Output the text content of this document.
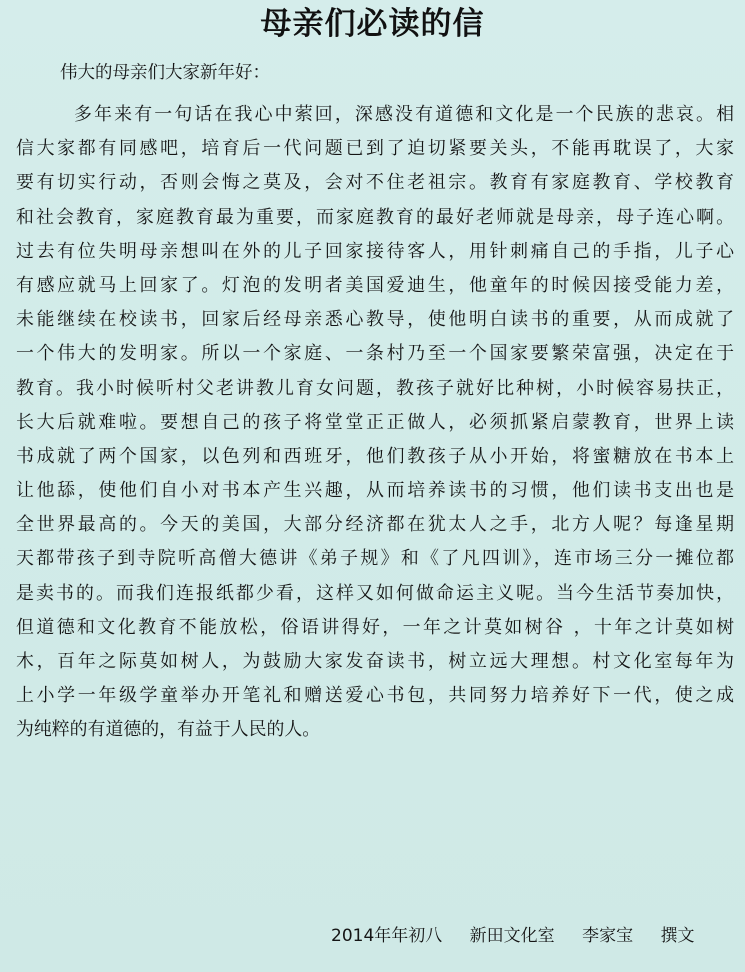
母亲们必读的信
伟大的母亲们大家新年好：
多年来有一句话在我心中萦回，深感没有道德和文化是一个民族的悲哀。相
信大家都有同感吧，培育后一代问题已到了迫切紧要关头，不能再耽误了，大家
要有切实行动，否则会悔之莫及，会对不住老祖宗。教育有家庭教育、学校教育
和社会教育，家庭教育最为重要，而家庭教育的最好老师就是母亲，母子连心啊。
过去有位失明母亲想叫在外的儿子回家接待客人，用针刺痛自己的手指，儿子心
有感应就马上回家了。灯泡的发明者美国爱迪生，他童年的时候因接受能力差，
未能继续在校读书，回家后经母亲悉心教导，使他明白读书的重要，从而成就了
一个伟大的发明家。所以一个家庭、一条村乃至一个国家要繁荣富强，决定在于
教育。我小时候听村父老讲教儿育女问题，教孩子就好比种树，小时候容易扶正，
长大后就难啦。要想自己的孩子将堂堂正正做人，必须抓紧启蒙教育，世界上读
书成就了两个国家，以色列和西班牙，他们教孩子从小开始，将蜜糖放在书本上
让他舔，使他们自小对书本产生兴趣，从而培养读书的习惯，他们读书支出也是
全世界最高的。今天的美国，大部分经济都在犹太人之手，北方人呢？每逢星期
天都带孩子到寺院听高僧大德讲《弟子规》和《了凡四训》，连市场三分一摊位都
是卖书的。而我们连报纸都少看，这样又如何做命运主义呢。当今生活节奏加快，
但道德和文化教育不能放松，俗语讲得好，一年之计莫如树谷 ，十年之计莫如树
木，百年之际莫如树人，为鼓励大家发奋读书，树立远大理想。村文化室每年为
上小学一年级学童举办开笔礼和赠送爱心书包，共同努力培养好下一代，使之成
为纯粹的有道德的，有益于人民的人。
2014年年初八 新田文化室 李家宝 撰文
